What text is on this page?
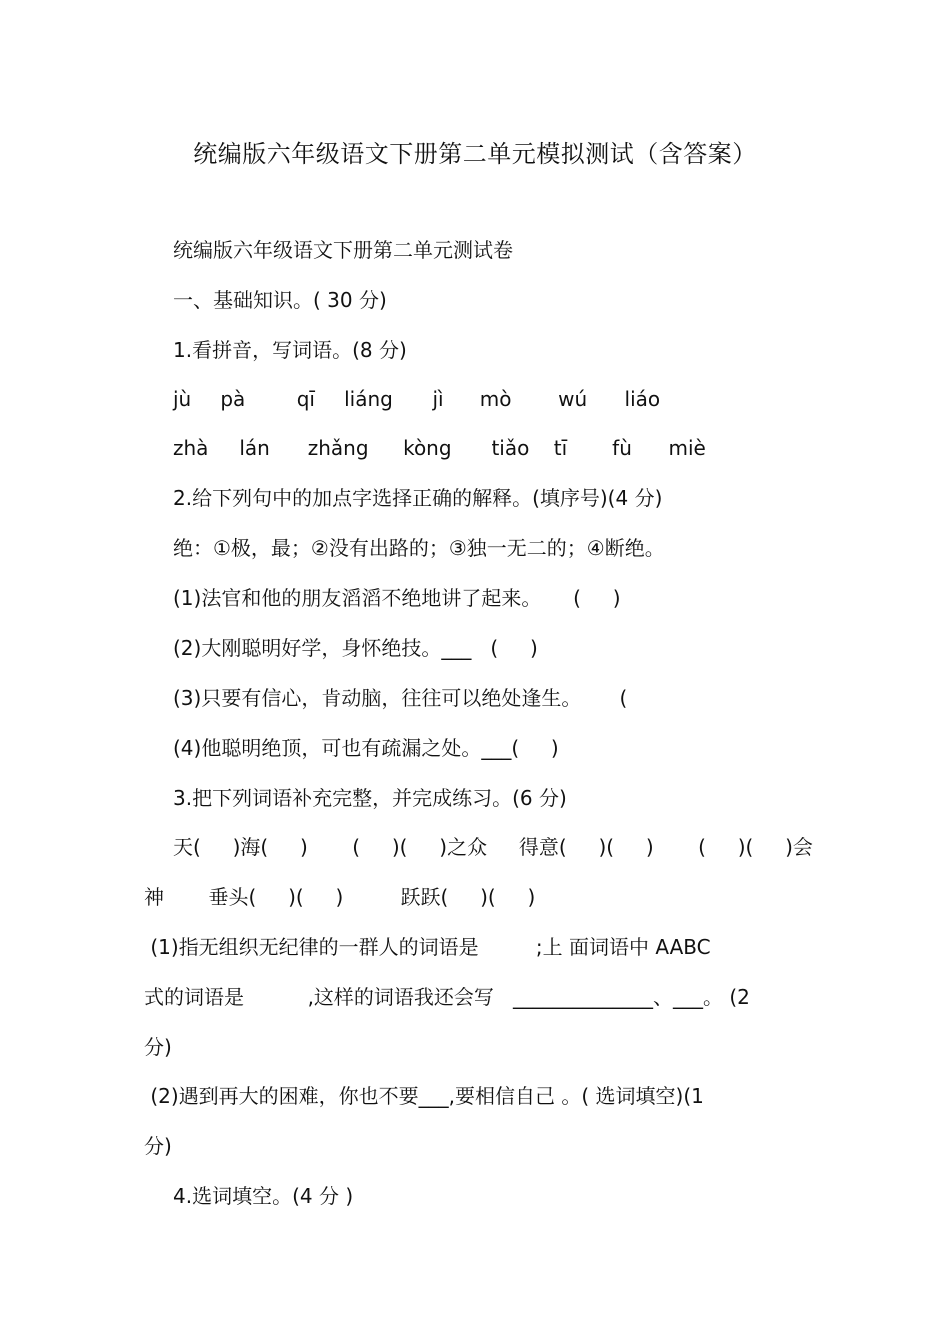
统编版六年级语文下册第二单元模拟测试（含答案）
统编版六年级语文下册第二单元测试卷
一、基础知识。( 30 分)
1.看拼音，写词语。(8 分)
jù pà	qī liáng jì mò wú liáo
zhà lán zhǎng kòng tiǎo tī fù miè
2.给下列句中的加点字选择正确的解释。(填序号)(4 分)
绝：①极，最；②没有出路的；③独一无二的；④断绝。
(1)法官和他的朋友滔滔不绝地讲了起来。     (     )
(2)大刚聪明好学，身怀绝技。___   (     )
(3)只要有信心，肯动脑，往往可以绝处逢生。      (
(4)他聪明绝顶，可也有疏漏之处。___(     )
3.把下列词语补充完整，并完成练习。(6 分)
天(     )海(     )       (     )(     )之众     得意(     )(     )       (     )(     )会
神       垂头(     )(     )         跃跃(     )(     )
(1)指无组织无纪律的一群人的词语是         ;上 面词语中 AABC
式的词语是          ,这样的词语我还会写   ______________、___。 (2
分)
(2)遇到再大的困难，你也不要___,要相信自己 。( 选词填空)(1
分)
4.选词填空。(4 分 )
